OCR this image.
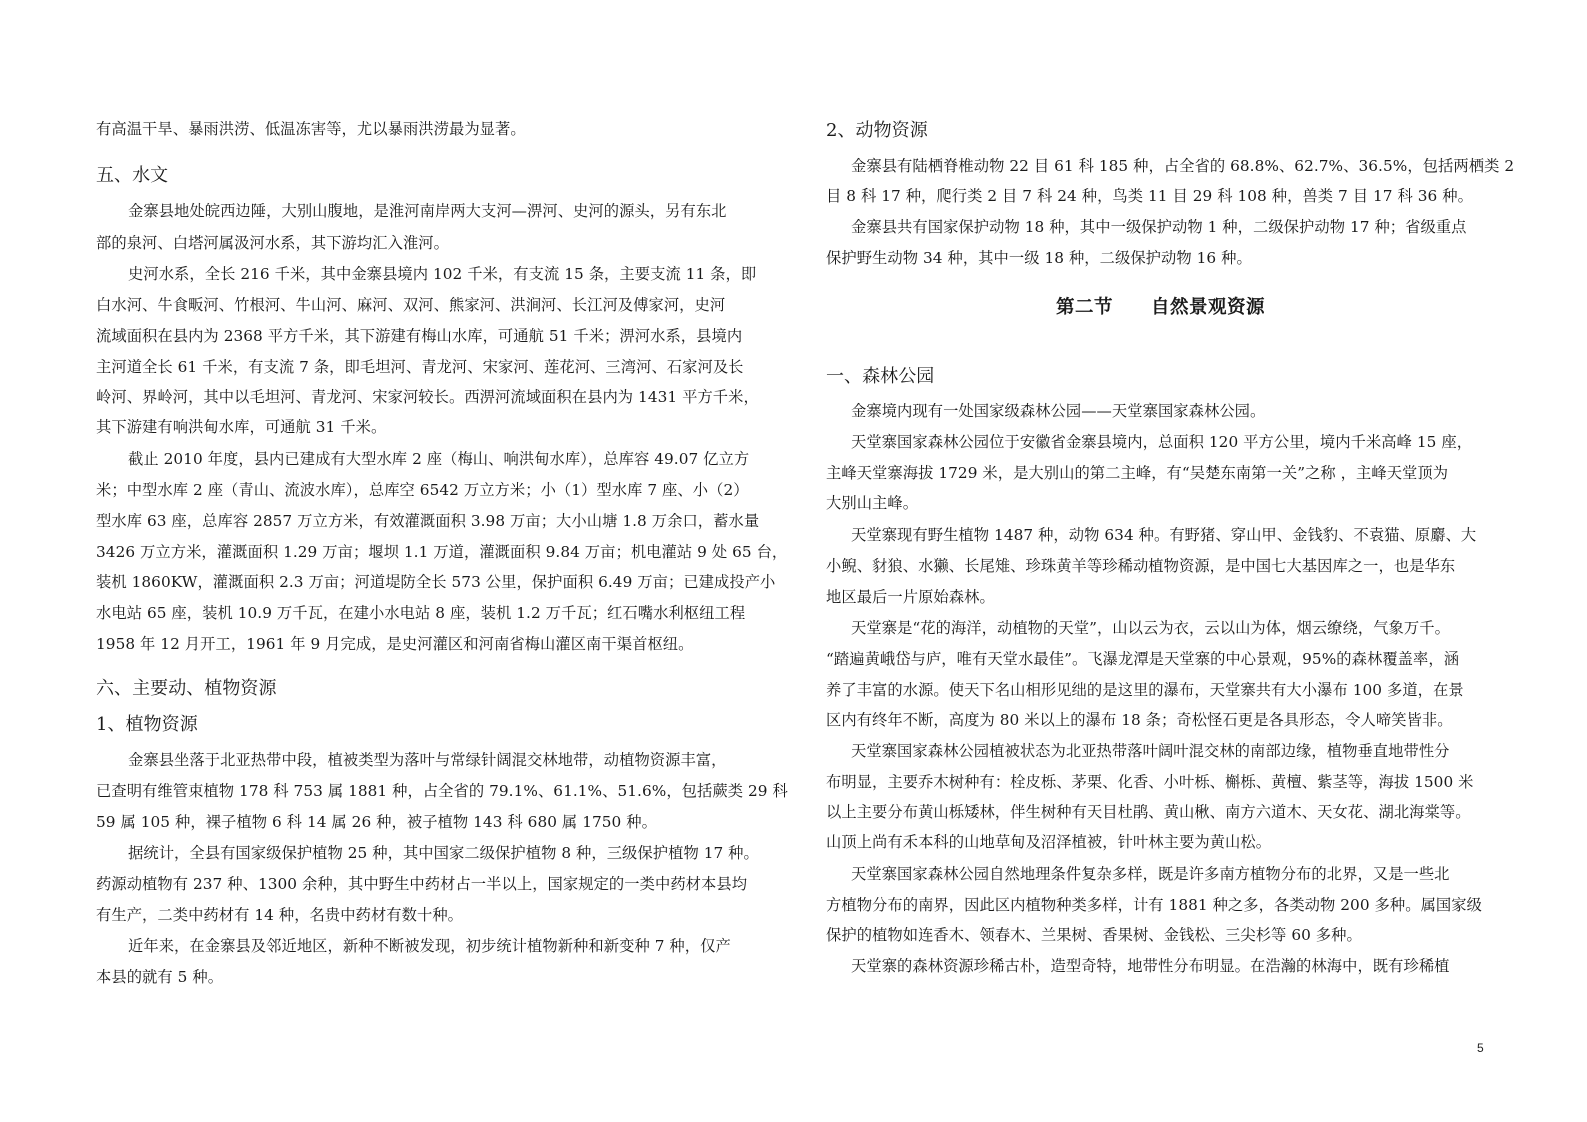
有高温干旱、暴雨洪涝、低温冻害等，尤以暴雨洪涝最为显著。
五、水文
金寨县地处皖西边陲，大别山腹地，是淮河南岸两大支河—淠河、史河的源头，另有东北
部的泉河、白塔河属汲河水系，其下游均汇入淮河。
史河水系，全长 216 千米，其中金寨县境内 102 千米，有支流 15 条，主要支流 11 条，即
白水河、牛食畈河、竹根河、牛山河、麻河、双河、熊家河、洪涧河、长江河及傅家河，史河
流域面积在县内为 2368 平方千米，其下游建有梅山水库，可通航 51 千米；淠河水系，县境内
主河道全长 61 千米，有支流 7 条，即毛坦河、青龙河、宋家河、莲花河、三湾河、石家河及长
岭河、界岭河，其中以毛坦河、青龙河、宋家河较长。西淠河流域面积在县内为 1431 平方千米，
其下游建有响洪甸水库，可通航 31 千米。
截止 2010 年度，县内已建成有大型水库 2 座（梅山、响洪甸水库），总库容 49.07 亿立方
米；中型水库 2 座（青山、流波水库），总库空 6542 万立方米；小（1）型水库 7 座、小（2）
型水库 63 座，总库容 2857 万立方米，有效灌溉面积 3.98 万亩；大小山塘 1.8 万余口，蓄水量
3426 万立方米，灌溉面积 1.29 万亩；堰坝 1.1 万道，灌溉面积 9.84 万亩；机电灌站 9 处 65 台，
装机 1860KW，灌溉面积 2.3 万亩；河道堤防全长 573 公里，保护面积 6.49 万亩；已建成投产小
水电站 65 座，装机 10.9 万千瓦，在建小水电站 8 座，装机 1.2 万千瓦；红石嘴水利枢纽工程
1958 年 12 月开工，1961 年 9 月完成，是史河灌区和河南省梅山灌区南干渠首枢纽。
六、主要动、植物资源
1、植物资源
金寨县坐落于北亚热带中段，植被类型为落叶与常绿针阔混交林地带，动植物资源丰富，
已查明有维管束植物 178 科 753 属 1881 种，占全省的 79.1%、61.1%、51.6%，包括蕨类 29 科
59 属 105 种，裸子植物 6 科 14 属 26 种，被子植物 143 科 680 属 1750 种。
据统计，全县有国家级保护植物 25 种，其中国家二级保护植物 8 种，三级保护植物 17 种。
药源动植物有 237 种、1300 余种，其中野生中药材占一半以上，国家规定的一类中药材本县均
有生产，二类中药材有 14 种，名贵中药材有数十种。
近年来，在金寨县及邻近地区，新种不断被发现，初步统计植物新种和新变种 7 种，仅产
本县的就有 5 种。
2、动物资源
金寨县有陆栖脊椎动物 22 目 61 科 185 种，占全省的 68.8%、62.7%、36.5%，包括两栖类 2
目 8 科 17 种，爬行类 2 目 7 科 24 种，鸟类 11 目 29 科 108 种，兽类 7 目 17 科 36 种。
金寨县共有国家保护动物 18 种，其中一级保护动物 1 种，二级保护动物 17 种；省级重点
保护野生动物 34 种，其中一级 18 种，二级保护动物 16 种。
第二节 自然景观资源
一、森林公园
金寨境内现有一处国家级森林公园——天堂寨国家森林公园。
天堂寨国家森林公园位于安徽省金寨县境内，总面积 120 平方公里，境内千米高峰 15 座，
主峰天堂寨海拔 1729 米，是大别山的第二主峰，有“吴楚东南第一关”之称 ，主峰天堂顶为
大别山主峰。
天堂寨现有野生植物 1487 种，动物 634 种。有野猪、穿山甲、金钱豹、不袁猫、原麝、大
小鲵、豺狼、水獭、长尾雉、珍珠黄羊等珍稀动植物资源，是中国七大基因库之一，也是华东
地区最后一片原始森林。
天堂寨是“花的海洋，动植物的天堂”，山以云为衣，云以山为体，烟云缭绕，气象万千。
“踏遍黄峨岱与庐，唯有天堂水最佳”。飞瀑龙潭是天堂寨的中心景观，95%的森林覆盖率，涵
养了丰富的水源。使天下名山相形见绌的是这里的瀑布，天堂寨共有大小瀑布 100 多道，在景
区内有终年不断，高度为 80 米以上的瀑布 18 条；奇松怪石更是各具形态，令人啼笑皆非。
天堂寨国家森林公园植被状态为北亚热带落叶阔叶混交林的南部边缘，植物垂直地带性分
布明显，主要乔木树种有：栓皮栎、茅栗、化香、小叶栎、槲栎、黄檀、紫茎等，海拔 1500 米
以上主要分布黄山栎矮林，伴生树种有天目杜鹃、黄山楸、南方六道木、天女花、湖北海棠等。
山顶上尚有禾本科的山地草甸及沼泽植被，针叶林主要为黄山松。
天堂寨国家森林公园自然地理条件复杂多样，既是许多南方植物分布的北界，又是一些北
方植物分布的南界，因此区内植物种类多样，计有 1881 种之多，各类动物 200 多种。属国家级
保护的植物如连香木、领春木、兰果树、香果树、金钱松、三尖杉等 60 多种。
天堂寨的森林资源珍稀古朴，造型奇特，地带性分布明显。在浩瀚的林海中，既有珍稀植
5
